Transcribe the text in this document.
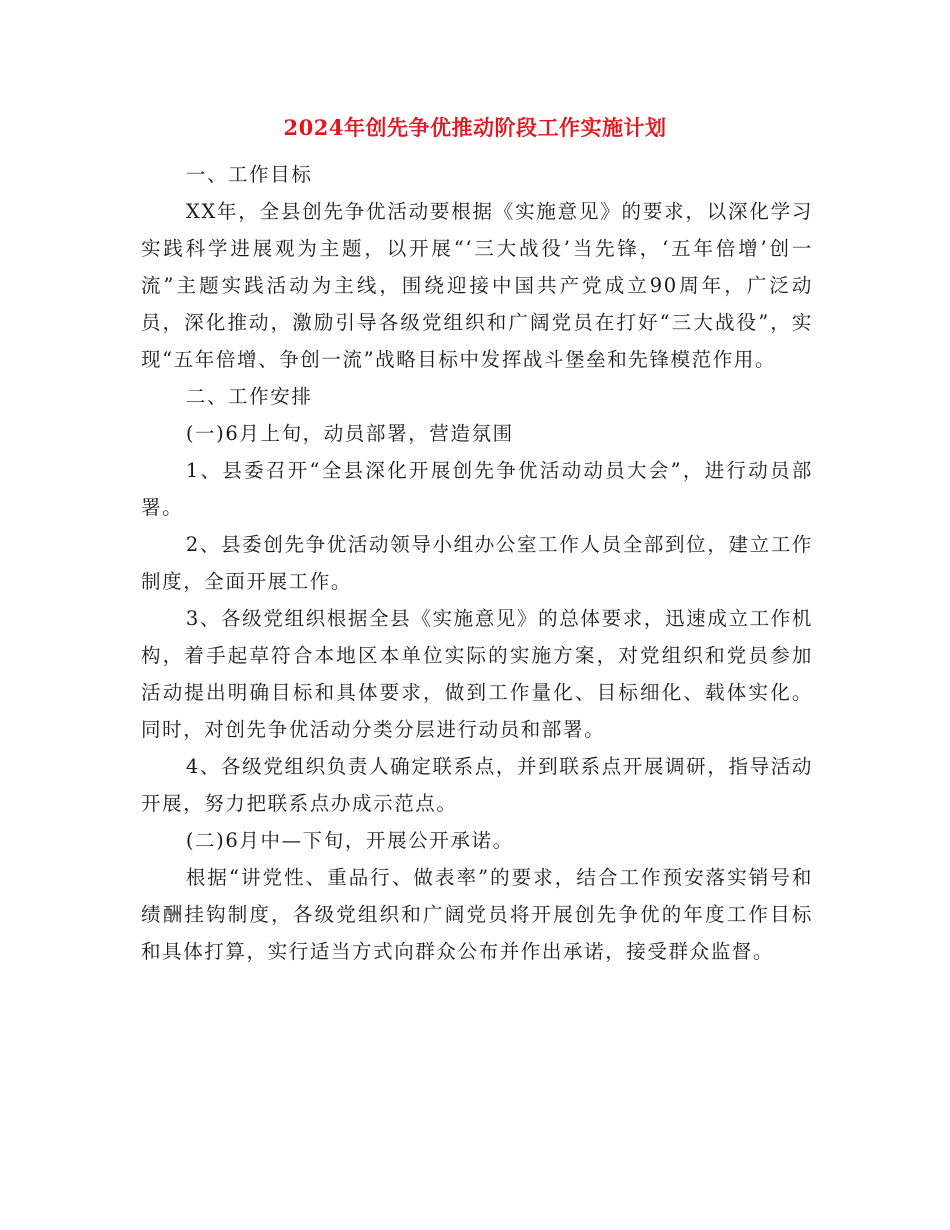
2024年创先争优推动阶段工作实施计划

一、工作目标

XX年，全县创先争优活动要根据《实施意见》的要求，以深化学习实践科学进展观为主题，以开展“‘三大战役’当先锋，‘五年倍增’创一流”主题实践活动为主线，围绕迎接中国共产党成立90周年，广泛动员，深化推动，激励引导各级党组织和广阔党员在打好“三大战役”，实现“五年倍增、争创一流”战略目标中发挥战斗堡垒和先锋模范作用。

二、工作安排

(一)6月上旬，动员部署，营造氛围

1、县委召开“全县深化开展创先争优活动动员大会”，进行动员部署。

2、县委创先争优活动领导小组办公室工作人员全部到位，建立工作制度，全面开展工作。

3、各级党组织根据全县《实施意见》的总体要求，迅速成立工作机构，着手起草符合本地区本单位实际的实施方案，对党组织和党员参加活动提出明确目标和具体要求，做到工作量化、目标细化、载体实化。同时，对创先争优活动分类分层进行动员和部署。

4、各级党组织负责人确定联系点，并到联系点开展调研，指导活动开展，努力把联系点办成示范点。

(二)6月中—下旬，开展公开承诺。

根据“讲党性、重品行、做表率”的要求，结合工作预安落实销号和绩酬挂钩制度，各级党组织和广阔党员将开展创先争优的年度工作目标和具体打算，实行适当方式向群众公布并作出承诺，接受群众监督。
